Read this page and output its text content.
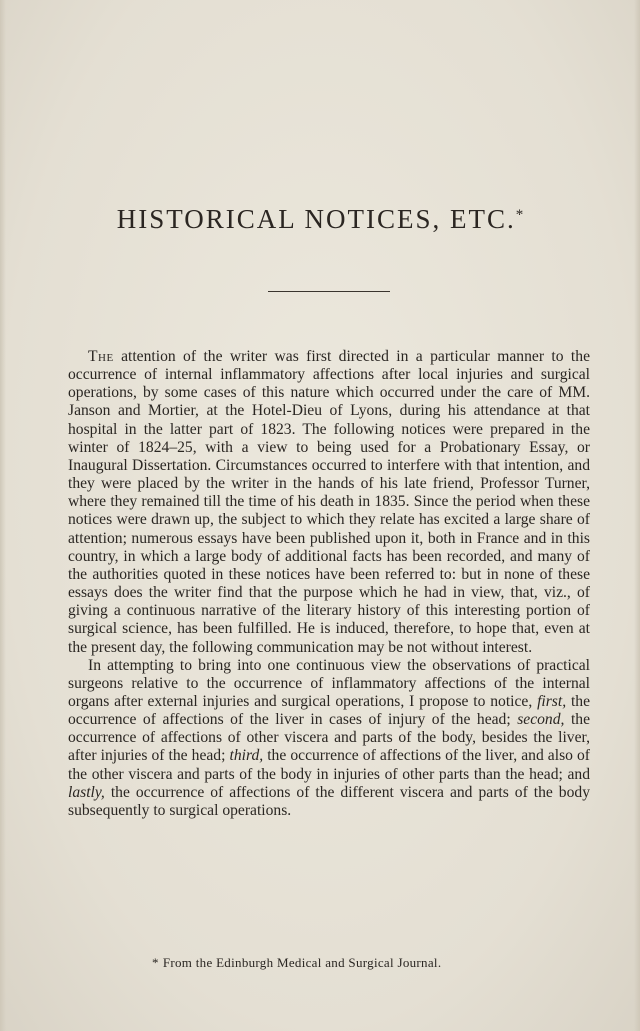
HISTORICAL NOTICES, ETC.*

The attention of the writer was first directed in a particular manner to the occurrence of internal inflammatory affections after local injuries and surgical operations, by some cases of this nature which occurred under the care of MM. Janson and Mortier, at the Hotel-Dieu of Lyons, during his attendance at that hospital in the latter part of 1823. The following notices were prepared in the winter of 1824–25, with a view to being used for a Probationary Essay, or Inaugural Dissertation. Circumstances occurred to interfere with that intention, and they were placed by the writer in the hands of his late friend, Professor Turner, where they remained till the time of his death in 1835. Since the period when these notices were drawn up, the subject to which they relate has excited a large share of attention; numerous essays have been published upon it, both in France and in this country, in which a large body of additional facts has been recorded, and many of the authorities quoted in these notices have been referred to: but in none of these essays does the writer find that the purpose which he had in view, that, viz., of giving a continuous narrative of the literary history of this interesting portion of surgical science, has been fulfilled. He is induced, therefore, to hope that, even at the present day, the following communication may be not without interest.

In attempting to bring into one continuous view the observations of practical surgeons relative to the occurrence of inflammatory affections of the internal organs after external injuries and surgical operations, I propose to notice, first, the occurrence of affections of the liver in cases of injury of the head; second, the occurrence of affections of other viscera and parts of the body, besides the liver, after injuries of the head; third, the occurrence of affections of the liver, and also of the other viscera and parts of the body in injuries of other parts than the head; and lastly, the occurrence of affections of the different viscera and parts of the body subsequently to surgical operations.

* From the Edinburgh Medical and Surgical Journal.
